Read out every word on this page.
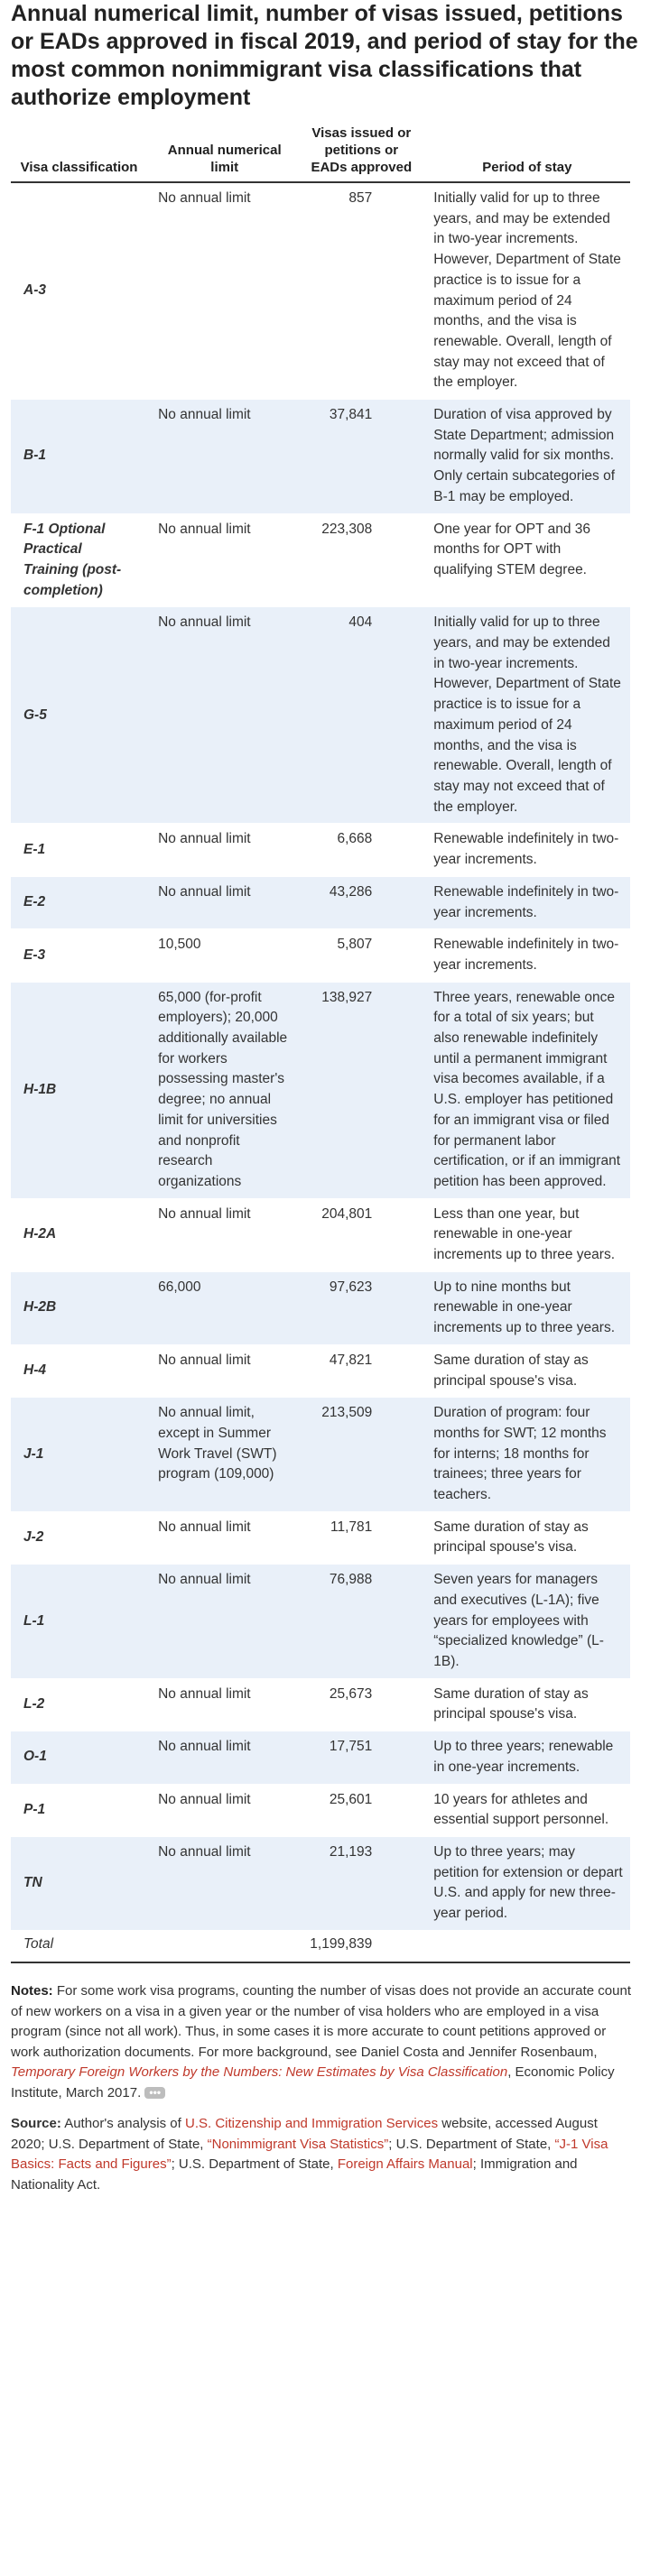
Annual numerical limit, number of visas issued, petitions or EADs approved in fiscal 2019, and period of stay for the most common nonimmigrant visa classifications that authorize employment
Visa classification	Annual numerical limit	Visas issued or petitions or EADs approved	Period of stay
A-3	No annual limit	857	Initially valid for up to three years, and may be extended in two-year increments. However, Department of State practice is to issue for a maximum period of 24 months, and the visa is renewable. Overall, length of stay may not exceed that of the employer.
B-1	No annual limit	37,841	Duration of visa approved by State Department; admission normally valid for six months. Only certain subcategories of B-1 may be employed.
F-1 Optional Practical Training (post-completion)	No annual limit	223,308	One year for OPT and 36 months for OPT with qualifying STEM degree.
G-5	No annual limit	404	Initially valid for up to three years, and may be extended in two-year increments. However, Department of State practice is to issue for a maximum period of 24 months, and the visa is renewable. Overall, length of stay may not exceed that of the employer.
E-1	No annual limit	6,668	Renewable indefinitely in two-year increments.
E-2	No annual limit	43,286	Renewable indefinitely in two-year increments.
E-3	10,500	5,807	Renewable indefinitely in two-year increments.
H-1B	65,000 (for-profit employers); 20,000 additionally available for workers possessing master's degree; no annual limit for universities and nonprofit research organizations	138,927	Three years, renewable once for a total of six years; but also renewable indefinitely until a permanent immigrant visa becomes available, if a U.S. employer has petitioned for an immigrant visa or filed for permanent labor certification, or if an immigrant petition has been approved.
H-2A	No annual limit	204,801	Less than one year, but renewable in one-year increments up to three years.
H-2B	66,000	97,623	Up to nine months but renewable in one-year increments up to three years.
H-4	No annual limit	47,821	Same duration of stay as principal spouse's visa.
J-1	No annual limit, except in Summer Work Travel (SWT) program (109,000)	213,509	Duration of program: four months for SWT; 12 months for interns; 18 months for trainees; three years for teachers.
J-2	No annual limit	11,781	Same duration of stay as principal spouse's visa.
L-1	No annual limit	76,988	Seven years for managers and executives (L-1A); five years for employees with “specialized knowledge” (L-1B).
L-2	No annual limit	25,673	Same duration of stay as principal spouse's visa.
O-1	No annual limit	17,751	Up to three years; renewable in one-year increments.
P-1	No annual limit	25,601	10 years for athletes and essential support personnel.
TN	No annual limit	21,193	Up to three years; may petition for extension or depart U.S. and apply for new three-year period.
Total		1,199,839	

Notes: For some work visa programs, counting the number of visas does not provide an accurate count of new workers on a visa in a given year or the number of visa holders who are employed in a visa program (since not all work). Thus, in some cases it is more accurate to count petitions approved or work authorization documents. For more background, see Daniel Costa and Jennifer Rosenbaum, Temporary Foreign Workers by the Numbers: New Estimates by Visa Classification, Economic Policy Institute, March 2017. •••

Source: Author's analysis of U.S. Citizenship and Immigration Services website, accessed August 2020; U.S. Department of State, “Nonimmigrant Visa Statistics”; U.S. Department of State, “J-1 Visa Basics: Facts and Figures”; U.S. Department of State, Foreign Affairs Manual; Immigration and Nationality Act.
